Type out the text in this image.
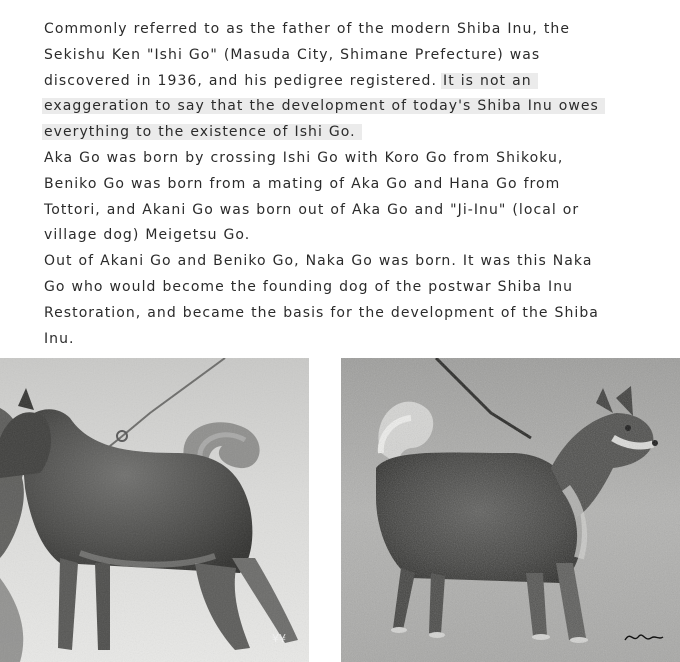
Commonly referred to as the father of the modern Shiba Inu, the Sekishu Ken "Ishi Go" (Masuda City, Shimane Prefecture) was discovered in 1936, and his pedigree registered. It is not an exaggeration to say that the development of today's Shiba Inu owes everything to the existence of Ishi Go.

Aka Go was born by crossing Ishi Go with Koro Go from Shikoku, Beniko Go was born from a mating of Aka Go and Hana Go from Tottori, and Akani Go was born out of Aka Go and "Ji-Inu" (local or village dog) Meigetsu Go.

Out of Akani Go and Beniko Go, Naka Go was born. It was this Naka Go who would become the founding dog of the postwar Shiba Inu Restoration, and became the basis for the development of the Shiba Inu.

¥¥
